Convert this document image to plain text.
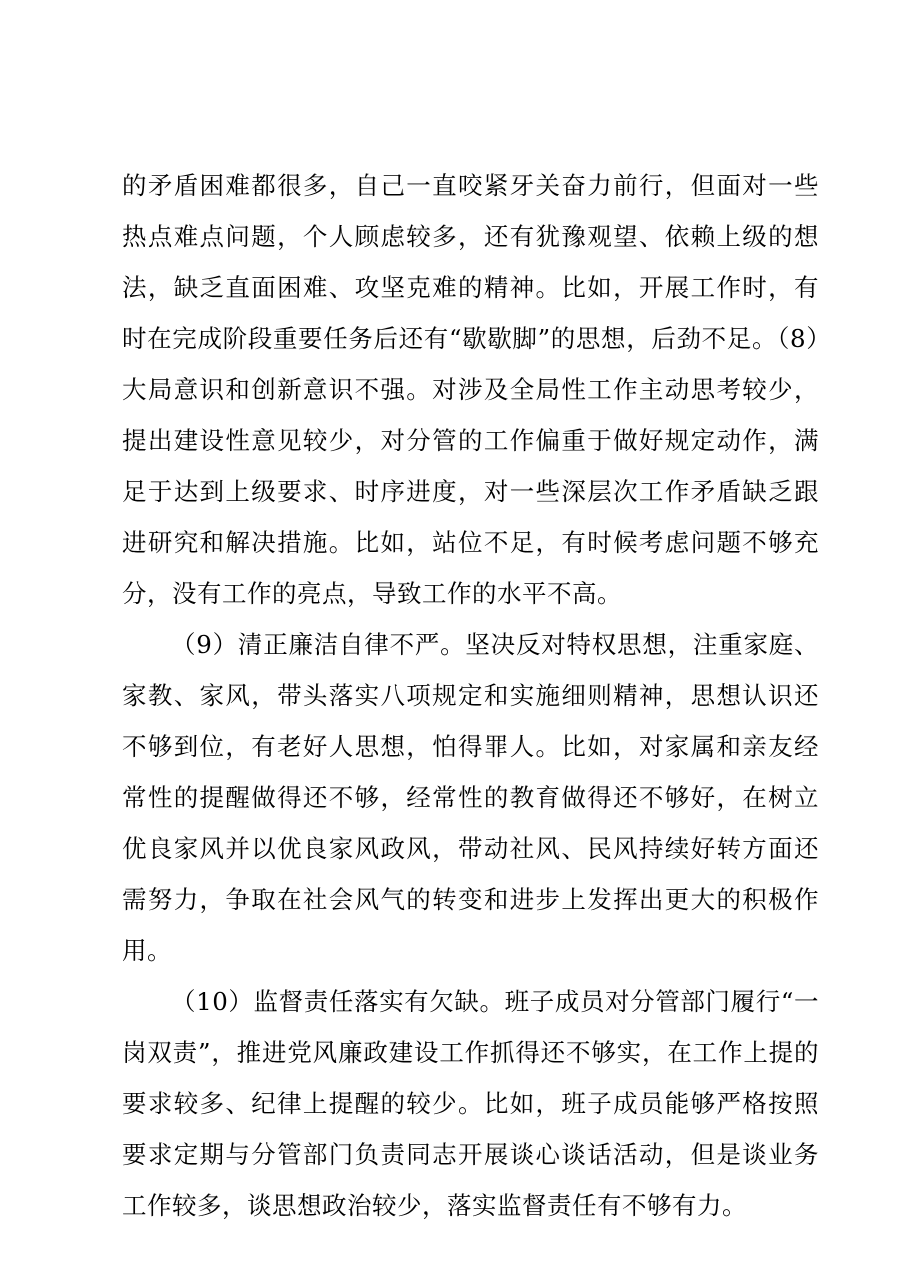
的矛盾困难都很多，自己一直咬紧牙关奋力前行，但面对一些热点难点问题，个人顾虑较多，还有犹豫观望、依赖上级的想法，缺乏直面困难、攻坚克难的精神。比如，开展工作时，有时在完成阶段重要任务后还有“歇歇脚”的思想，后劲不足。（8）大局意识和创新意识不强。对涉及全局性工作主动思考较少，提出建设性意见较少，对分管的工作偏重于做好规定动作，满足于达到上级要求、时序进度，对一些深层次工作矛盾缺乏跟进研究和解决措施。比如，站位不足，有时候考虑问题不够充分，没有工作的亮点，导致工作的水平不高。

（9）清正廉洁自律不严。坚决反对特权思想，注重家庭、家教、家风，带头落实八项规定和实施细则精神，思想认识还不够到位，有老好人思想，怕得罪人。比如，对家属和亲友经常性的提醒做得还不够，经常性的教育做得还不够好，在树立优良家风并以优良家风政风，带动社风、民风持续好转方面还需努力，争取在社会风气的转变和进步上发挥出更大的积极作用。

（10）监督责任落实有欠缺。班子成员对分管部门履行“一岗双责”，推进党风廉政建设工作抓得还不够实，在工作上提的要求较多、纪律上提醒的较少。比如，班子成员能够严格按照要求定期与分管部门负责同志开展谈心谈话活动，但是谈业务工作较多，谈思想政治较少，落实监督责任有不够有力。
